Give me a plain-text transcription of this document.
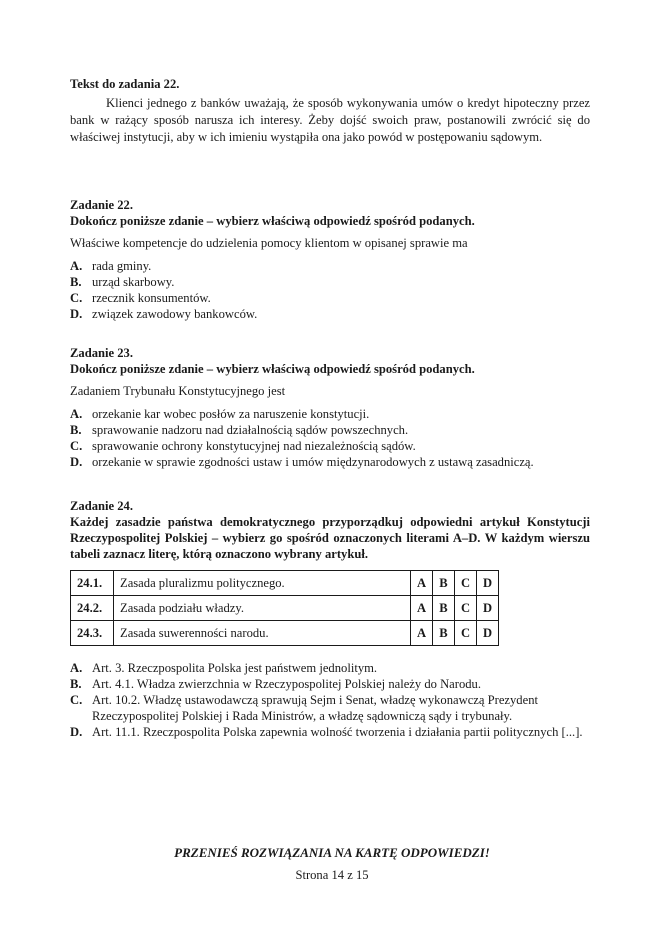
Tekst do zadania 22.

Klienci jednego z banków uważają, że sposób wykonywania umów o kredyt hipoteczny przez bank w rażący sposób narusza ich interesy. Żeby dojść swoich praw, postanowili zwrócić się do właściwej instytucji, aby w ich imieniu wystąpiła ona jako powód w postępowaniu sądowym.

Zadanie 22.

Dokończ poniższe zdanie – wybierz właściwą odpowiedź spośród podanych.

Właściwe kompetencje do udzielenia pomocy klientom w opisanej sprawie ma

A. rada gminy.
B. urząd skarbowy.
C. rzecznik konsumentów.
D. związek zawodowy bankowców.

Zadanie 23.

Dokończ poniższe zdanie – wybierz właściwą odpowiedź spośród podanych.

Zadaniem Trybunału Konstytucyjnego jest

A. orzekanie kar wobec posłów za naruszenie konstytucji.
B. sprawowanie nadzoru nad działalnością sądów powszechnych.
C. sprawowanie ochrony konstytucyjnej nad niezależnością sądów.
D. orzekanie w sprawie zgodności ustaw i umów międzynarodowych z ustawą zasadniczą.

Zadanie 24.

Każdej zasadzie państwa demokratycznego przyporządkuj odpowiedni artykuł Konstytucji Rzeczypospolitej Polskiej – wybierz go spośród oznaczonych literami A–D. W każdym wierszu tabeli zaznacz literę, którą oznaczono wybrany artykuł.

24.1.	Zasada pluralizmu politycznego.	A	B	C	D
24.2.	Zasada podziału władzy.	A	B	C	D
24.3.	Zasada suwerenności narodu.	A	B	C	D
A. Art. 3. Rzeczpospolita Polska jest państwem jednolitym.
B. Art. 4.1. Władza zwierzchnia w Rzeczypospolitej Polskiej należy do Narodu.
C. Art. 10.2. Władzę ustawodawczą sprawują Sejm i Senat, władzę wykonawczą Prezydent Rzeczypospolitej Polskiej i Rada Ministrów, a władzę sądowniczą sądy i trybunały.
D. Art. 11.1. Rzeczpospolita Polska zapewnia wolność tworzenia i działania partii politycznych [...].
PRZENIEŚ ROZWIĄZANIA NA KARTĘ ODPOWIEDZI!
Strona 14 z 15
